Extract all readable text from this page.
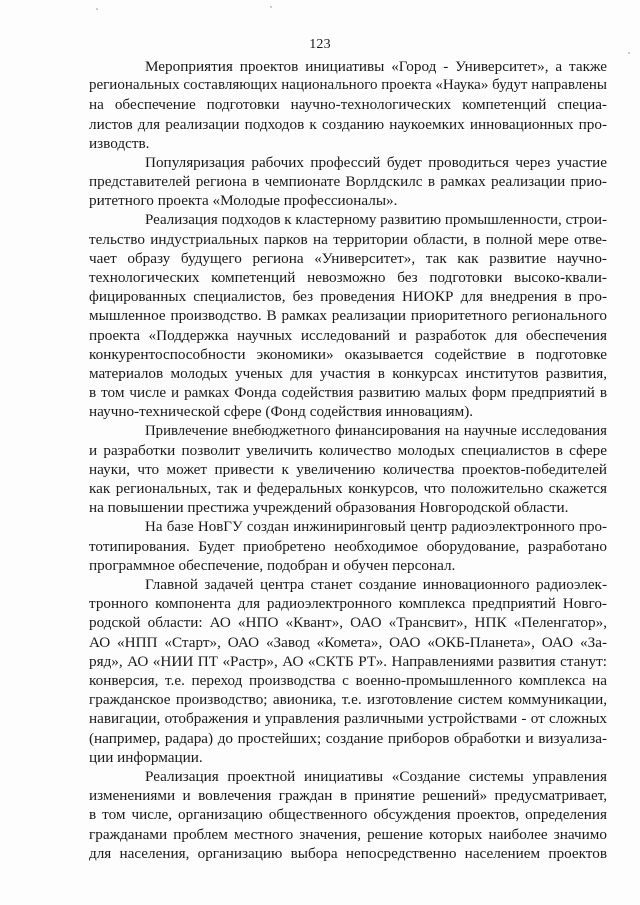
123
Мероприятия проектов инициативы «Город - Университет», а также
региональных составляющих национального проекта «Наука» будут направлены
на обеспечение подготовки научно-технологических компетенций специа-
листов для реализации подходов к созданию наукоемких инновационных про-
изводств.
Популяризация рабочих профессий будет проводиться через участие
представителей региона в чемпионате Ворлдскилс в рамках реализации прио-
ритетного проекта «Молодые профессионалы».
Реализация подходов к кластерному развитию промышленности, строи-
тельство индустриальных парков на территории области, в полной мере отве-
чает образу будущего региона «Университет», так как развитие научно-
технологических компетенций невозможно без подготовки высоко-квали-
фицированных специалистов, без проведения НИОКР для внедрения в про-
мышленное производство. В рамках реализации приоритетного регионального
проекта «Поддержка научных исследований и разработок для обеспечения
конкурентоспособности экономики» оказывается содействие в подготовке
материалов молодых ученых для участия в конкурсах институтов развития,
в том числе и рамках Фонда содействия развитию малых форм предприятий в
научно-технической сфере (Фонд содействия инновациям).
Привлечение внебюджетного финансирования на научные исследования
и разработки позволит увеличить количество молодых специалистов в сфере
науки, что может привести к увеличению количества проектов-победителей
как региональных, так и федеральных конкурсов, что положительно скажется
на повышении престижа учреждений образования Новгородской области.
На базе НовГУ создан инжиниринговый центр радиоэлектронного про-
тотипирования. Будет приобретено необходимое оборудование, разработано
программное обеспечение, подобран и обучен персонал.
Главной задачей центра станет создание инновационного радиоэлек-
тронного компонента для радиоэлектронного комплекса предприятий Новго-
родской области: АО «НПО «Квант», ОАО «Трансвит», НПК «Пеленгатор»,
АО «НПП «Старт», ОАО «Завод «Комета», ОАО «ОКБ-Планета», ОАО «За-
ряд», АО «НИИ ПТ «Растр», АО «СКТБ РТ». Направлениями развития станут:
конверсия, т.е. переход производства с военно-промышленного комплекса на
гражданское производство; авионика, т.е. изготовление систем коммуникации,
навигации, отображения и управления различными устройствами - от сложных
(например, радара) до простейших; создание приборов обработки и визуализа-
ции информации.
Реализация проектной инициативы «Создание системы управления
изменениями и вовлечения граждан в принятие решений» предусматривает,
в том числе, организацию общественного обсуждения проектов, определения
гражданами проблем местного значения, решение которых наиболее значимо
для населения, организацию выбора непосредственно населением проектов
